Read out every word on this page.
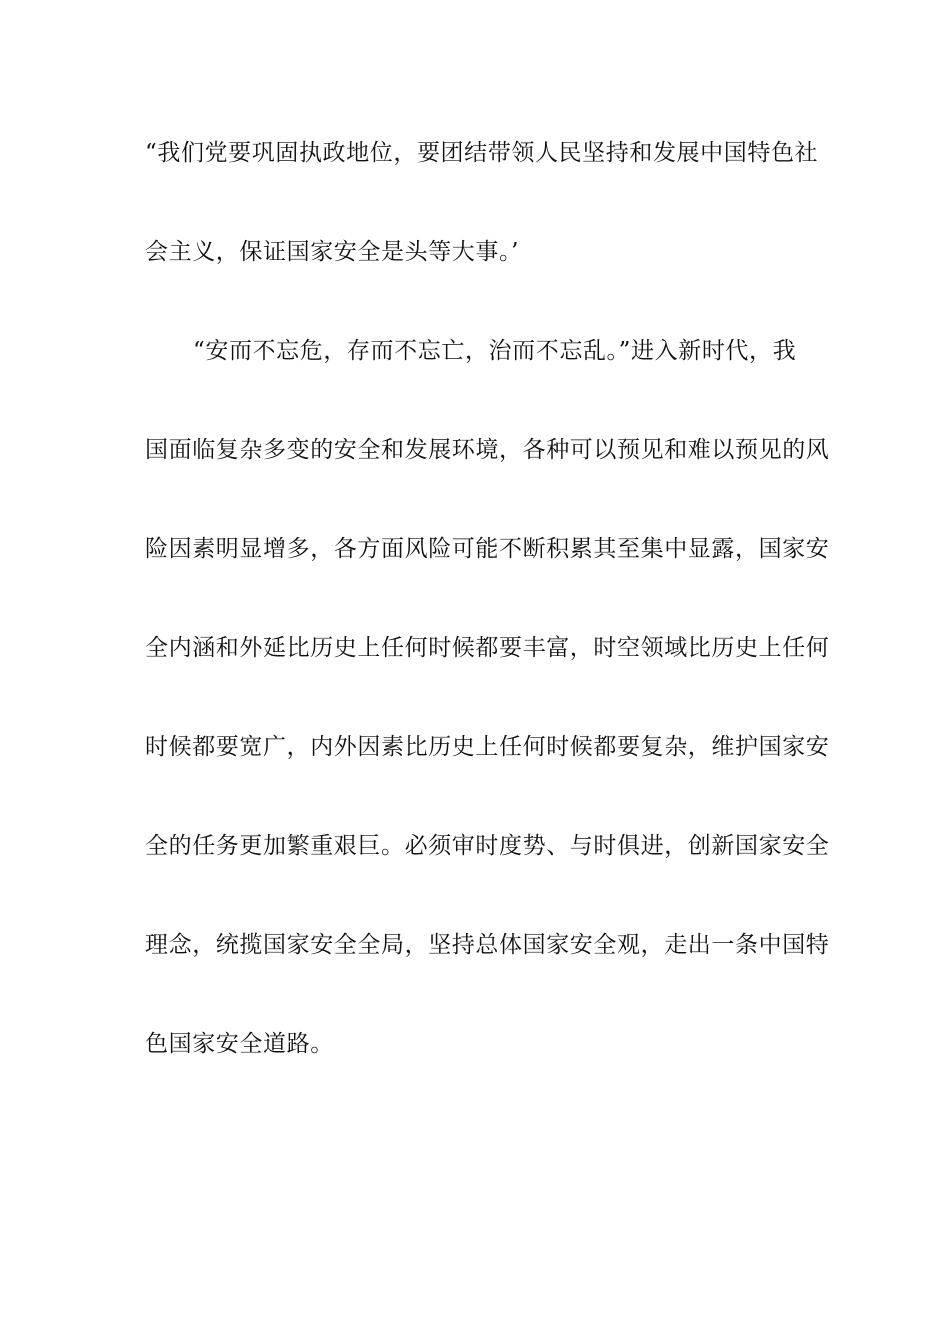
“我们党要巩固执政地位，要团结带领人民坚持和发展中国特色社
会主义，保证国家安全是头等大事。’
“安而不忘危，存而不忘亡，治而不忘乱。”进入新时代，我
国面临复杂多变的安全和发展环境，各种可以预见和难以预见的风
险因素明显增多，各方面风险可能不断积累其至集中显露，国家安
全内涵和外延比历史上任何时候都要丰富，时空领域比历史上任何
时候都要宽广，内外因素比历史上任何时候都要复杂，维护国家安
全的任务更加繁重艰巨。必须审时度势、与时俱进，创新国家安全
理念，统揽国家安全全局，坚持总体国家安全观，走出一条中国特
色国家安全道路。
